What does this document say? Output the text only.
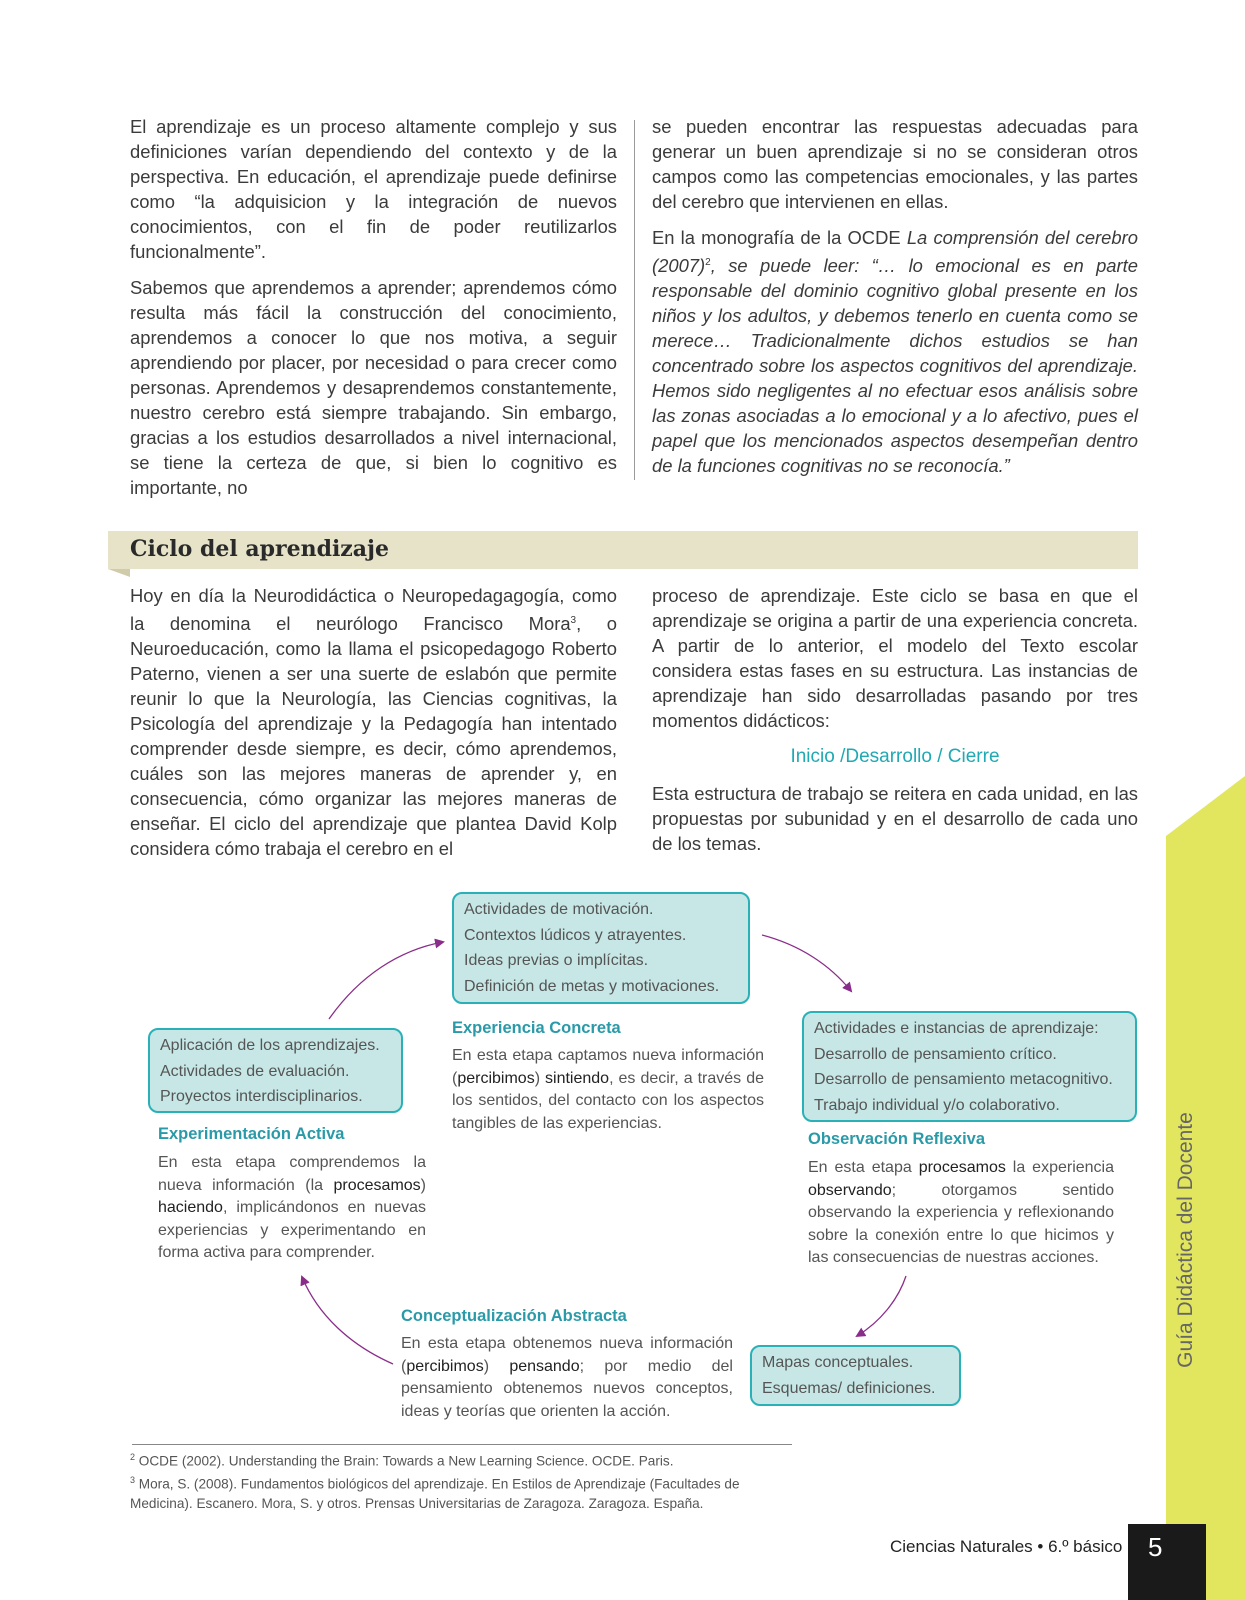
El aprendizaje es un proceso altamente complejo y sus definiciones varían dependiendo del contexto y de la perspectiva. En educación, el aprendizaje puede definirse como “la adquisicion y la integración de nuevos conocimientos, con el fin de poder reutilizarlos funcionalmente”.

Sabemos que aprendemos a aprender; aprendemos cómo resulta más fácil la construcción del conocimiento, aprendemos a conocer lo que nos motiva, a seguir aprendiendo por placer, por necesidad o para crecer como personas. Aprendemos y desaprendemos constantemente, nuestro cerebro está siempre trabajando. Sin embargo, gracias a los estudios desarrollados a nivel internacional, se tiene la certeza de que, si bien lo cognitivo es importante, no

se pueden encontrar las respuestas adecuadas para generar un buen aprendizaje si no se consideran otros campos como las competencias emocionales, y las partes del cerebro que intervienen en ellas.

En la monografía de la OCDE La comprensión del cerebro $(2007)^2$, se puede leer: “… lo emocional es en parte responsable del dominio cognitivo global presente en los niños y los adultos, y debemos tenerlo en cuenta como se merece… Tradicionalmente dichos estudios se han concentrado sobre los aspectos cognitivos del aprendizaje. Hemos sido negligentes al no efectuar esos análisis sobre las zonas asociadas a lo emocional y a lo afectivo, pues el papel que los mencionados aspectos desempeñan dentro de la funciones cognitivas no se reconocía.”

Ciclo del aprendizaje

Hoy en día la Neurodidáctica o Neuropedagagogía, como la denomina el neurólogo Francisco Mora$^3$, o Neuroeducación, como la llama el psicopedagogo Roberto Paterno, vienen a ser una suerte de eslabón que permite reunir lo que la Neurología, las Ciencias cognitivas, la Psicología del aprendizaje y la Pedagogía han intentado comprender desde siempre, es decir, cómo aprendemos, cuáles son las mejores maneras de aprender y, en consecuencia, cómo organizar las mejores maneras de enseñar. El ciclo del aprendizaje que plantea David Kolp considera cómo trabaja el cerebro en el

proceso de aprendizaje. Este ciclo se basa en que el aprendizaje se origina a partir de una experiencia concreta. A partir de lo anterior, el modelo del Texto escolar considera estas fases en su estructura. Las instancias de aprendizaje han sido desarrolladas pasando por tres momentos didácticos:

Inicio /Desarrollo / Cierre

Esta estructura de trabajo se reitera en cada unidad, en las propuestas por subunidad y en el desarrollo de cada uno de los temas.

Actividades de motivación.
Contextos lúdicos y atrayentes.
Ideas previas o implícitas.
Definición de metas y motivaciones.
Aplicación de los aprendizajes.
Actividades de evaluación.
Proyectos interdisciplinarios.
Actividades e instancias de aprendizaje:
Desarrollo de pensamiento crítico.
Desarrollo de pensamiento metacognitivo.
Trabajo individual y/o colaborativo.
Mapas conceptuales.
Esquemas/ definiciones.
Experiencia Concreta
En esta etapa captamos nueva información (percibimos) sintiendo, es decir, a través de los sentidos, del contacto con los aspectos tangibles de las experiencias.
Experimentación Activa
En esta etapa comprendemos la nueva información (la procesamos) haciendo, implicándonos en nuevas experiencias y experimentando en forma activa para comprender.
Observación Reflexiva
En esta etapa procesamos la experiencia observando; otorgamos sentido observando la experiencia y reflexionando sobre la conexión entre lo que hicimos y las consecuencias de nuestras acciones.
Conceptualización Abstracta
En esta etapa obtenemos nueva información (percibimos) pensando; por medio del pensamiento obtenemos nuevos conceptos, ideas y teorías que orienten la acción.
$^2$ OCDE (2002). Understanding the Brain: Towards a New Learning Science. OCDE. Paris.
$^3$ Mora, S. (2008). Fundamentos biológicos del aprendizaje. En Estilos de Aprendizaje (Facultades de Medicina). Escanero. Mora, S. y otros. Prensas Universitarias de Zaragoza. Zaragoza. España.
Guía Didáctica del Docente
Ciencias Naturales • 6.º básico 5
